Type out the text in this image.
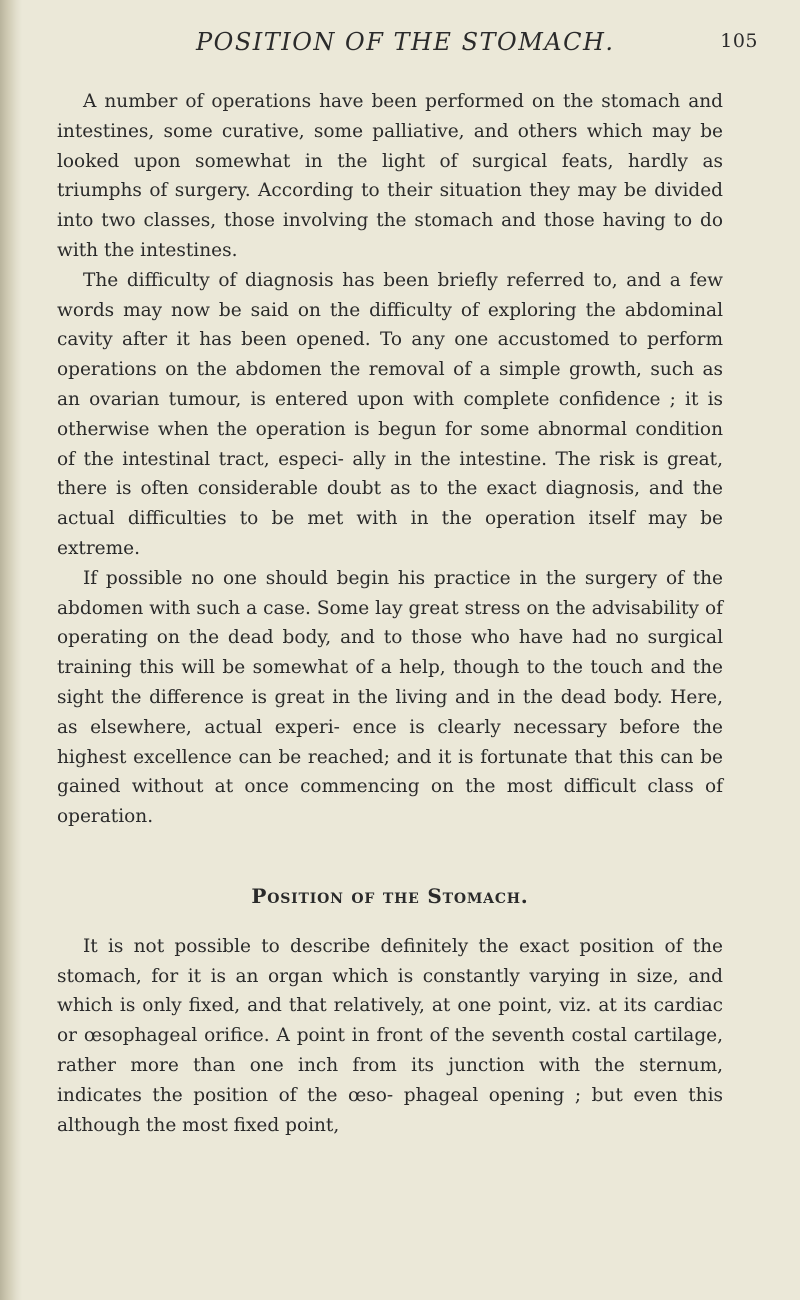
POSITION OF THE STOMACH.	105

A number of operations have been performed on the stomach and intestines, some curative, some palliative, and others which may be looked upon somewhat in the light of surgical feats, hardly as triumphs of surgery. According to their situation they may be divided into two classes, those involving the stomach and those having to do with the intestines.

The difficulty of diagnosis has been briefly referred to, and a few words may now be said on the difficulty of exploring the abdominal cavity after it has been opened. To any one accustomed to perform operations on the abdomen the removal of a simple growth, such as an ovarian tumour, is entered upon with complete confidence ; it is otherwise when the operation is begun for some abnormal condition of the intestinal tract, especi- ally in the intestine. The risk is great, there is often considerable doubt as to the exact diagnosis, and the actual difficulties to be met with in the operation itself may be extreme.

If possible no one should begin his practice in the surgery of the abdomen with such a case. Some lay great stress on the advisability of operating on the dead body, and to those who have had no surgical training this will be somewhat of a help, though to the touch and the sight the difference is great in the living and in the dead body. Here, as elsewhere, actual experi- ence is clearly necessary before the highest excellence can be reached; and it is fortunate that this can be gained without at once commencing on the most difficult class of operation.

Position of the Stomach.

It is not possible to describe definitely the exact position of the stomach, for it is an organ which is constantly varying in size, and which is only fixed, and that relatively, at one point, viz. at its cardiac or œsophageal orifice. A point in front of the seventh costal cartilage, rather more than one inch from its junction with the sternum, indicates the position of the œso- phageal opening ; but even this although the most fixed point,
